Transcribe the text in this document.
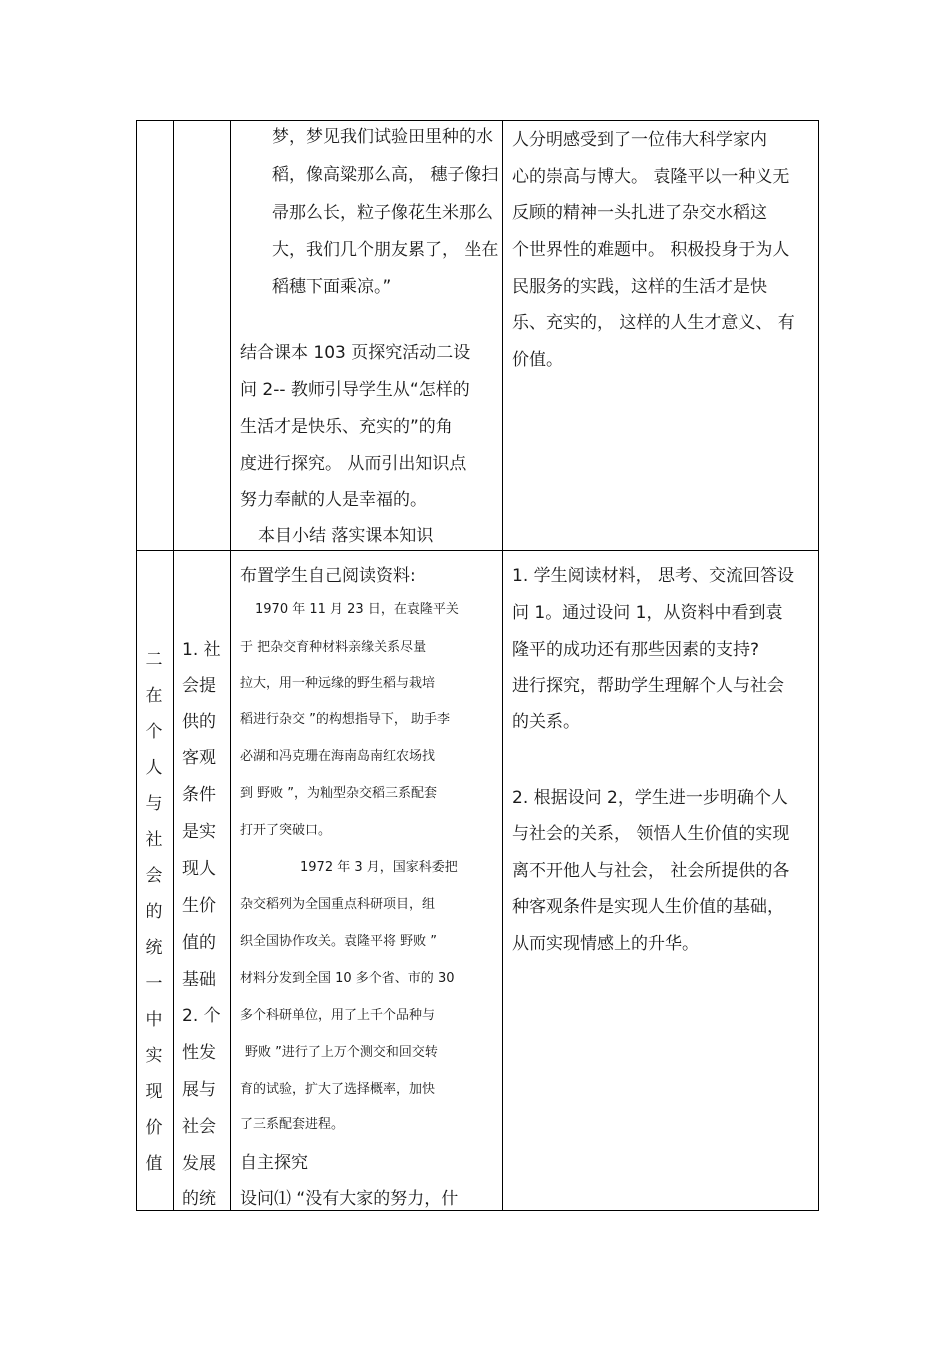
梦，梦见我们试验田里种的水
稻，像高粱那么高， 穗子像扫
帚那么长，粒子像花生米那么
大，我们几个朋友累了， 坐在
稻穗下面乘凉。”
结合课本 103 页探究活动二设
问 2-- 教师引导学生从“怎样的
生活才是快乐、充实的”的角
度进行探究。 从而引出知识点
努力奉献的人是幸福的。
本目小结 落实课本知识
人分明感受到了一位伟大科学家内
心的崇高与博大。 袁隆平以一种义无
反顾的精神一头扎进了杂交水稻这
个世界性的难题中。 积极投身于为人
民服务的实践，这样的生活才是快
乐、充实的， 这样的人生才意义、 有
价值。
二
在
个
人
与
社
会
的
统
一
中
实
现
价
值
1. 社
会提
供的
客观
条件
是实
现人
生价
值的
基础
2. 个
性发
展与
社会
发展
的统
布置学生自己阅读资料:
1970 年 11 月 23 日，在袁隆平关
于 把杂交育种材料亲缘关系尽量
拉大，用一种远缘的野生稻与栽培
稻进行杂交 ”的构想指导下， 助手李
必湖和冯克珊在海南岛南红农场找
到 野败 ”，为籼型杂交稻三系配套
打开了突破口。
1972 年 3 月，国家科委把
杂交稻列为全国重点科研项目，组
织全国协作攻关。袁隆平将 野败 ”
材料分发到全国 10 多个省、市的 30
多个科研单位，用了上千个品种与
野败 ”进行了上万个测交和回交转
育的试验，扩大了选择概率，加快
了三系配套进程。
自主探究
设问⑴ “没有大家的努力，什
1. 学生阅读材料， 思考、交流回答设
问 1。通过设问 1，从资料中看到袁
隆平的成功还有那些因素的支持?
进行探究，帮助学生理解个人与社会
的关系。
2. 根据设问 2，学生进一步明确个人
与社会的关系， 领悟人生价值的实现
离不开他人与社会， 社会所提供的各
种客观条件是实现人生价值的基础，
从而实现情感上的升华。
